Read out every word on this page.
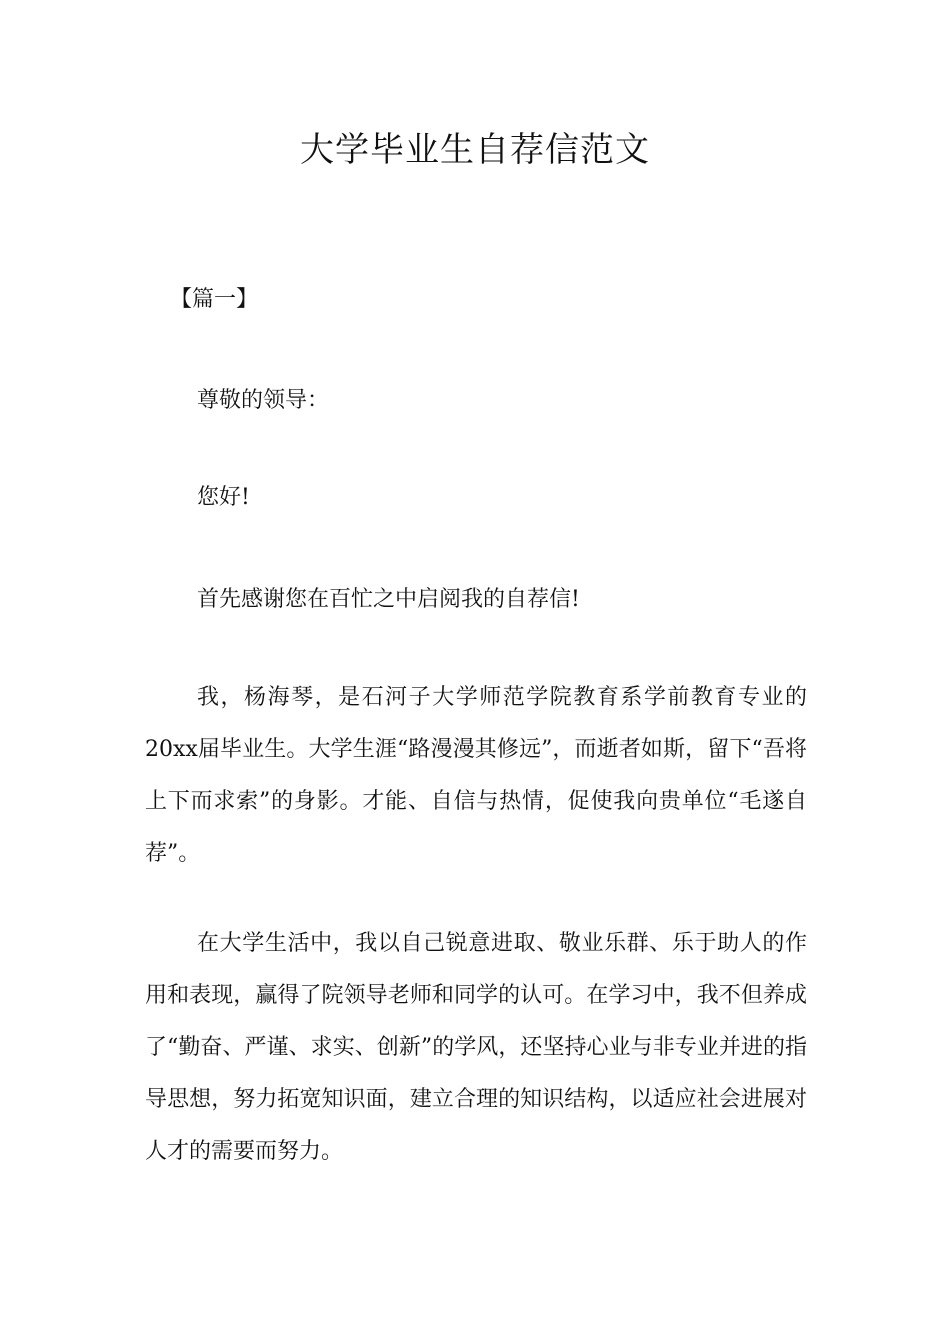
大学毕业生自荐信范文
【篇一】

尊敬的领导：

您好!

首先感谢您在百忙之中启阅我的自荐信!

我，杨海琴，是石河子大学师范学院教育系学前教育专业的20xx届毕业生。大学生涯“路漫漫其修远”，而逝者如斯，留下“吾将上下而求索”的身影。才能、自信与热情，促使我向贵单位“毛遂自荐”。

在大学生活中，我以自己锐意进取、敬业乐群、乐于助人的作用和表现，赢得了院领导老师和同学的认可。在学习中，我不但养成了“勤奋、严谨、求实、创新”的学风，还坚持心业与非专业并进的指导思想，努力拓宽知识面，建立合理的知识结构，以适应社会进展对人才的需要而努力。
